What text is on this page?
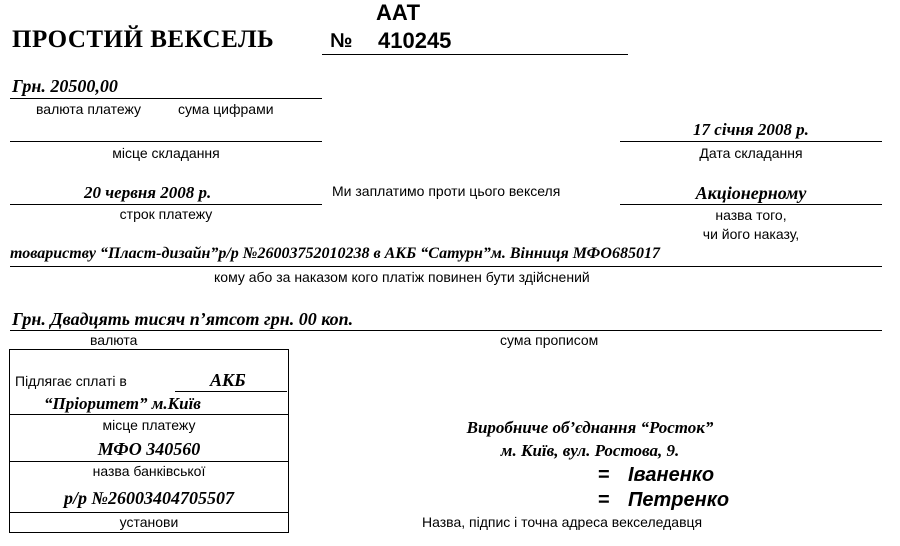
ПРОСТИЙ ВЕКСЕЛЬ	№
ААТ
410245
Грн. 20500,00
валюта платежу	сума цифрами
місце складання
17 січня 2008 р.
Дата складання
20 червня 2008 р.
строк платежу
Ми заплатимо проти цього векселя	Акціонерному
назва того,
чи його наказу,
товариству “Пласт-дизайн”р/р №26003752010238 в АКБ “Сатурн”м. Вінниця МФО685017
кому або за наказом кого платіж повинен бути здійснений
Грн. Двадцять тисяч п’ятсот грн. 00 коп.
валюта	сума прописом
Підлягає сплаті в	АКБ
“Пріоритет” м.Київ
місце платежу
МФО 340560
назва банківської
р/р №26003404705507
установи
Виробниче об’єднання “Росток”
м. Київ, вул. Ростова, 9.
= Іваненко
= Петренко
Назва, підпис і точна адреса векселедавця
